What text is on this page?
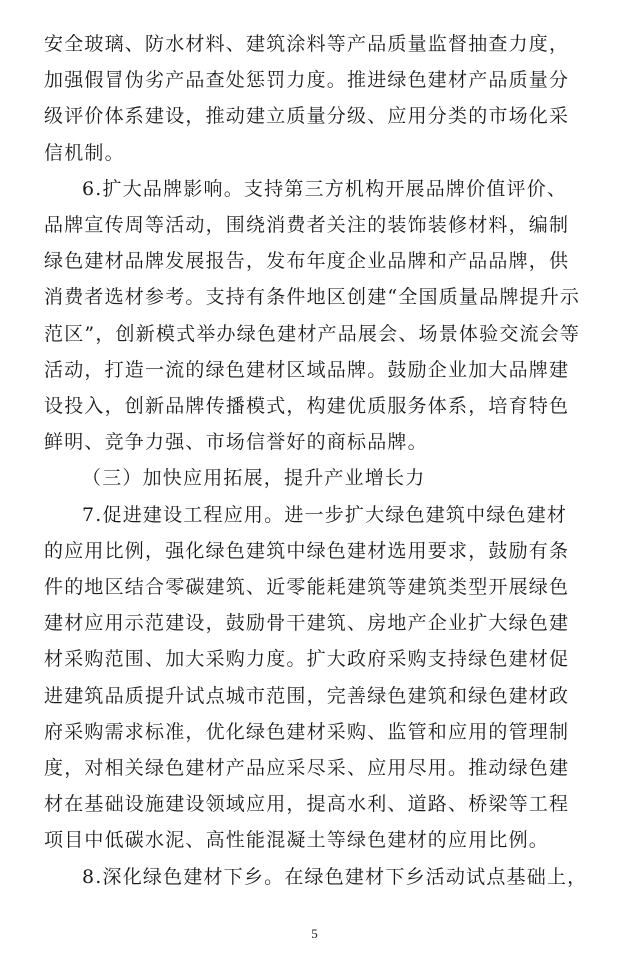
安全玻璃、防水材料、建筑涂料等产品质量监督抽查力度，
加强假冒伪劣产品查处惩罚力度。推进绿色建材产品质量分
级评价体系建设，推动建立质量分级、应用分类的市场化采
信机制。
6.扩大品牌影响。支持第三方机构开展品牌价值评价、
品牌宣传周等活动，围绕消费者关注的装饰装修材料，编制
绿色建材品牌发展报告，发布年度企业品牌和产品品牌，供
消费者选材参考。支持有条件地区创建“全国质量品牌提升示
范区”，创新模式举办绿色建材产品展会、场景体验交流会等
活动，打造一流的绿色建材区域品牌。鼓励企业加大品牌建
设投入，创新品牌传播模式，构建优质服务体系，培育特色
鲜明、竞争力强、市场信誉好的商标品牌。
（三）加快应用拓展，提升产业增长力
7.促进建设工程应用。进一步扩大绿色建筑中绿色建材
的应用比例，强化绿色建筑中绿色建材选用要求，鼓励有条
件的地区结合零碳建筑、近零能耗建筑等建筑类型开展绿色
建材应用示范建设，鼓励骨干建筑、房地产企业扩大绿色建
材采购范围、加大采购力度。扩大政府采购支持绿色建材促
进建筑品质提升试点城市范围，完善绿色建筑和绿色建材政
府采购需求标准，优化绿色建材采购、监管和应用的管理制
度，对相关绿色建材产品应采尽采、应用尽用。推动绿色建
材在基础设施建设领域应用，提高水利、道路、桥梁等工程
项目中低碳水泥、高性能混凝土等绿色建材的应用比例。
8.深化绿色建材下乡。在绿色建材下乡活动试点基础上，
5
